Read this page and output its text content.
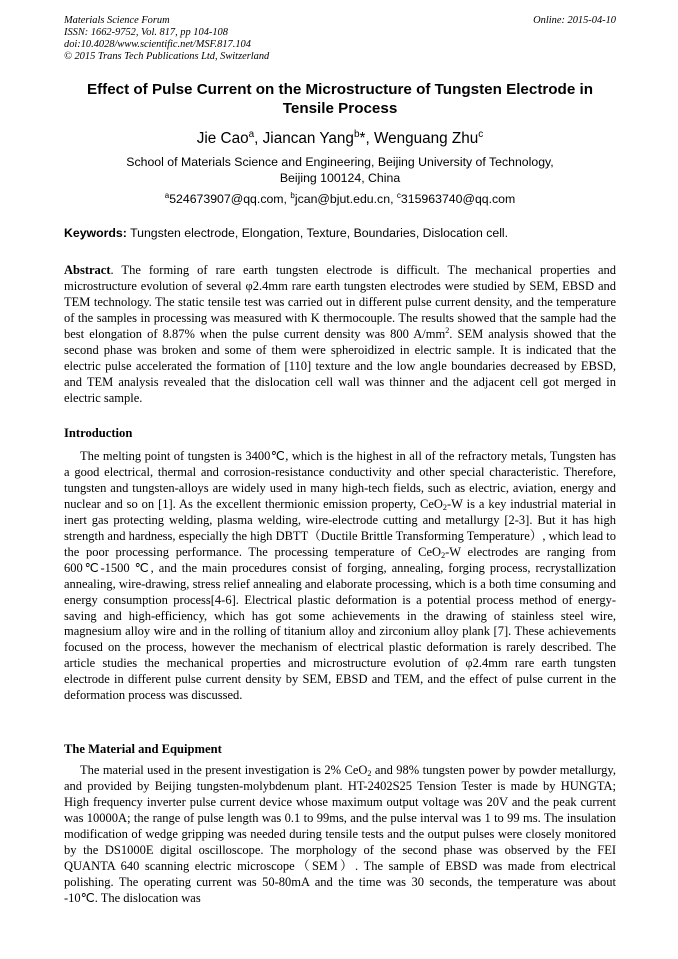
Materials Science Forum
ISSN: 1662-9752, Vol. 817, pp 104-108
doi:10.4028/www.scientific.net/MSF.817.104
© 2015 Trans Tech Publications Ltd, Switzerland
Online: 2015-04-10
Effect of Pulse Current on the Microstructure of Tungsten Electrode in
Tensile Process
Jie Cao$^a$, Jiancan Yang$^b$*, Wenguang Zhu$^c$
School of Materials Science and Engineering, Beijing University of Technology,
Beijing 100124, China
$^a$524673907@qq.com, $^b$jcan@bjut.edu.cn, $^c$315963740@qq.com
Keywords: Tungsten electrode, Elongation, Texture, Boundaries, Dislocation cell.

Abstract. The forming of rare earth tungsten electrode is difficult. The mechanical properties and microstructure evolution of several φ2.4mm rare earth tungsten electrodes were studied by SEM, EBSD and TEM technology. The static tensile test was carried out in different pulse current density, and the temperature of the samples in processing was measured with K thermocouple. The results showed that the sample had the best elongation of 8.87% when the pulse current density was 800 $A/mm^2$. SEM analysis showed that the second phase was broken and some of them were spheroidized in electric sample. It is indicated that the electric pulse accelerated the formation of [110] texture and the low angle boundaries decreased by EBSD, and TEM analysis revealed that the dislocation cell wall was thinner and the adjacent cell got merged in electric sample.

Introduction

The melting point of tungsten is 3400℃, which is the highest in all of the refractory metals, Tungsten has a good electrical, thermal and corrosion-resistance conductivity and other special characteristic. Therefore, tungsten and tungsten-alloys are widely used in many high-tech fields, such as electric, aviation, energy and nuclear and so on [1]. As the excellent thermionic emission property, CeO$_2$-W is a key industrial material in inert gas protecting welding, plasma welding, wire-electrode cutting and metallurgy [2-3]. But it has high strength and hardness, especially the high DBTT（Ductile Brittle Transforming Temperature）, which lead to the poor processing performance. The processing temperature of CeO$_2$-W electrodes are ranging from 600℃-1500 ℃, and the main procedures consist of forging, annealing, forging process, recrystallization annealing, wire-drawing, stress relief annealing and elaborate processing, which is a both time consuming and energy consumption process[4-6]. Electrical plastic deformation is a potential process method of energy-saving and high-efficiency, which has got some achievements in the drawing of stainless steel wire, magnesium alloy wire and in the rolling of titanium alloy and zirconium alloy plank [7]. These achievements focused on the process, however the mechanism of electrical plastic deformation is rarely described. The article studies the mechanical properties and microstructure evolution of φ2.4mm rare earth tungsten electrode in different pulse current density by SEM, EBSD and TEM, and the effect of pulse current in the deformation process was discussed.

The Material and Equipment

The material used in the present investigation is 2% CeO$_2$ and 98% tungsten power by powder metallurgy, and provided by Beijing tungsten-molybdenum plant. HT-2402S25 Tension Tester is made by HUNGTA; High frequency inverter pulse current device whose maximum output voltage was 20V and the peak current was 10000A; the range of pulse length was 0.1 to 99ms, and the pulse interval was 1 to 99 ms. The insulation modification of wedge gripping was needed during tensile tests and the output pulses were closely monitored by the DS1000E digital oscilloscope. The morphology of the second phase was observed by the FEI QUANTA 640 scanning electric microscope（SEM）. The sample of EBSD was made from electrical polishing. The operating current was 50-80mA and the time was 30 seconds, the temperature was about -10℃. The dislocation was
